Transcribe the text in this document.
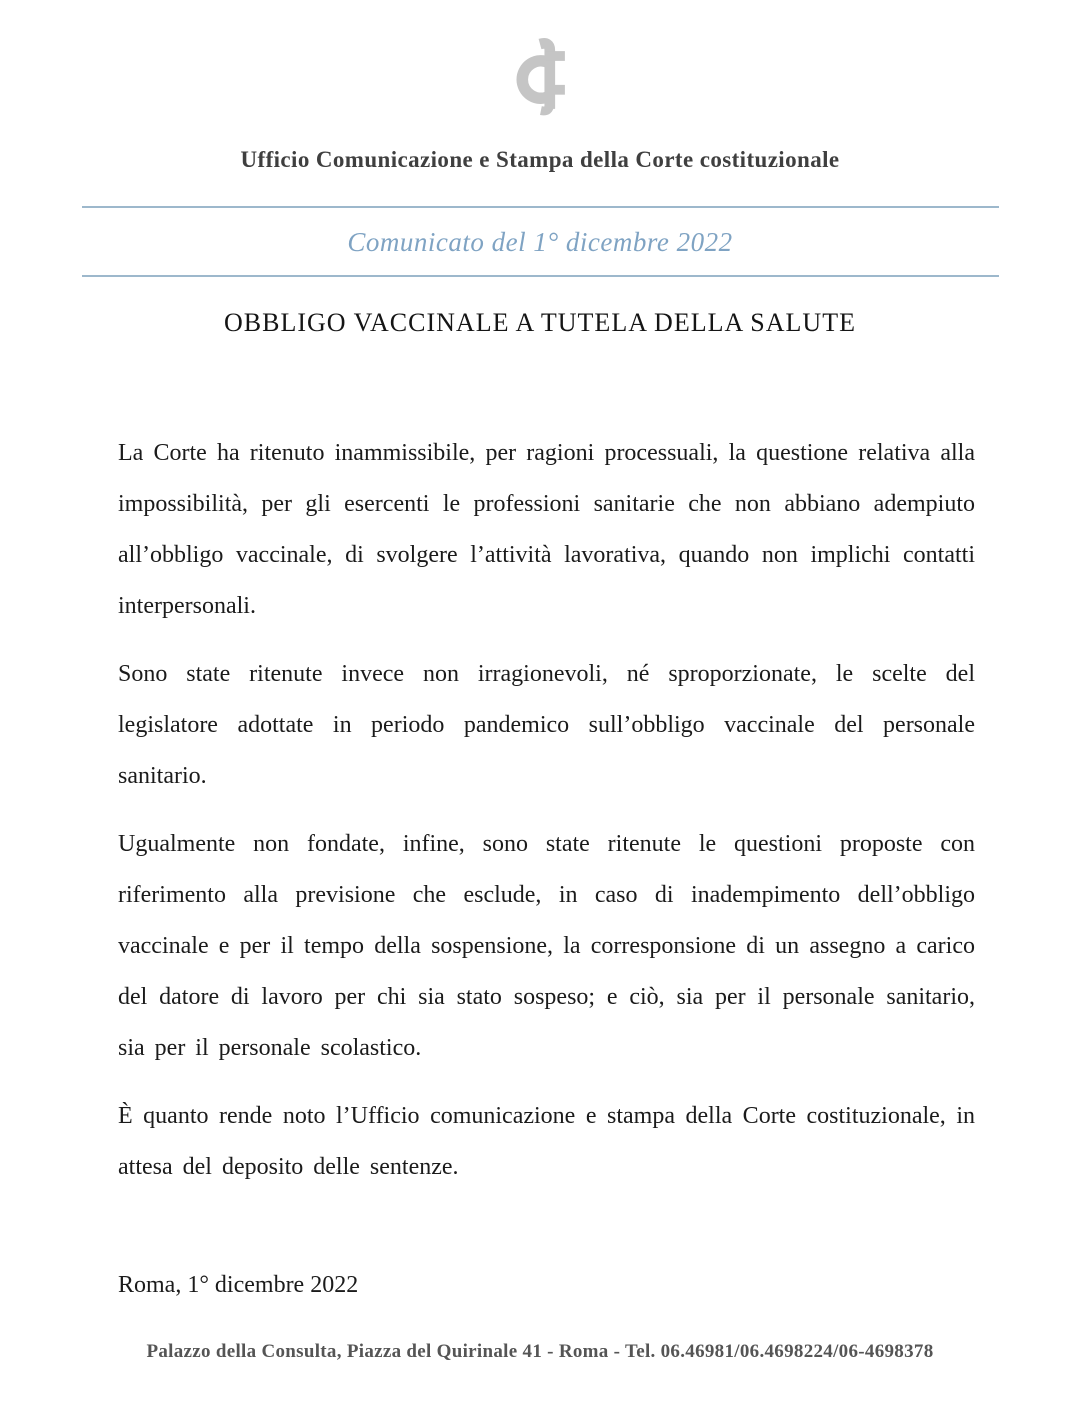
Ufficio Comunicazione e Stampa della Corte costituzionale
Comunicato del 1° dicembre 2022
OBBLIGO VACCINALE A TUTELA DELLA SALUTE

La Corte ha ritenuto inammissibile, per ragioni processuali, la questione relativa alla impossibilità, per gli esercenti le professioni sanitarie che non abbiano adempiuto all’obbligo vaccinale, di svolgere l’attività lavorativa, quando non implichi contatti interpersonali.

Sono state ritenute invece non irragionevoli, né sproporzionate, le scelte del legislatore adottate in periodo pandemico sull’obbligo vaccinale del personale sanitario.

Ugualmente non fondate, infine, sono state ritenute le questioni proposte con riferimento alla previsione che esclude, in caso di inadempimento dell’obbligo vaccinale e per il tempo della sospensione, la corresponsione di un assegno a carico del datore di lavoro per chi sia stato sospeso; e ciò, sia per il personale sanitario, sia per il personale scolastico.

È quanto rende noto l’Ufficio comunicazione e stampa della Corte costituzionale, in attesa del deposito delle sentenze.

Roma, 1° dicembre 2022
Palazzo della Consulta, Piazza del Quirinale 41 - Roma - Tel. 06.46981/06.4698224/06-4698378
